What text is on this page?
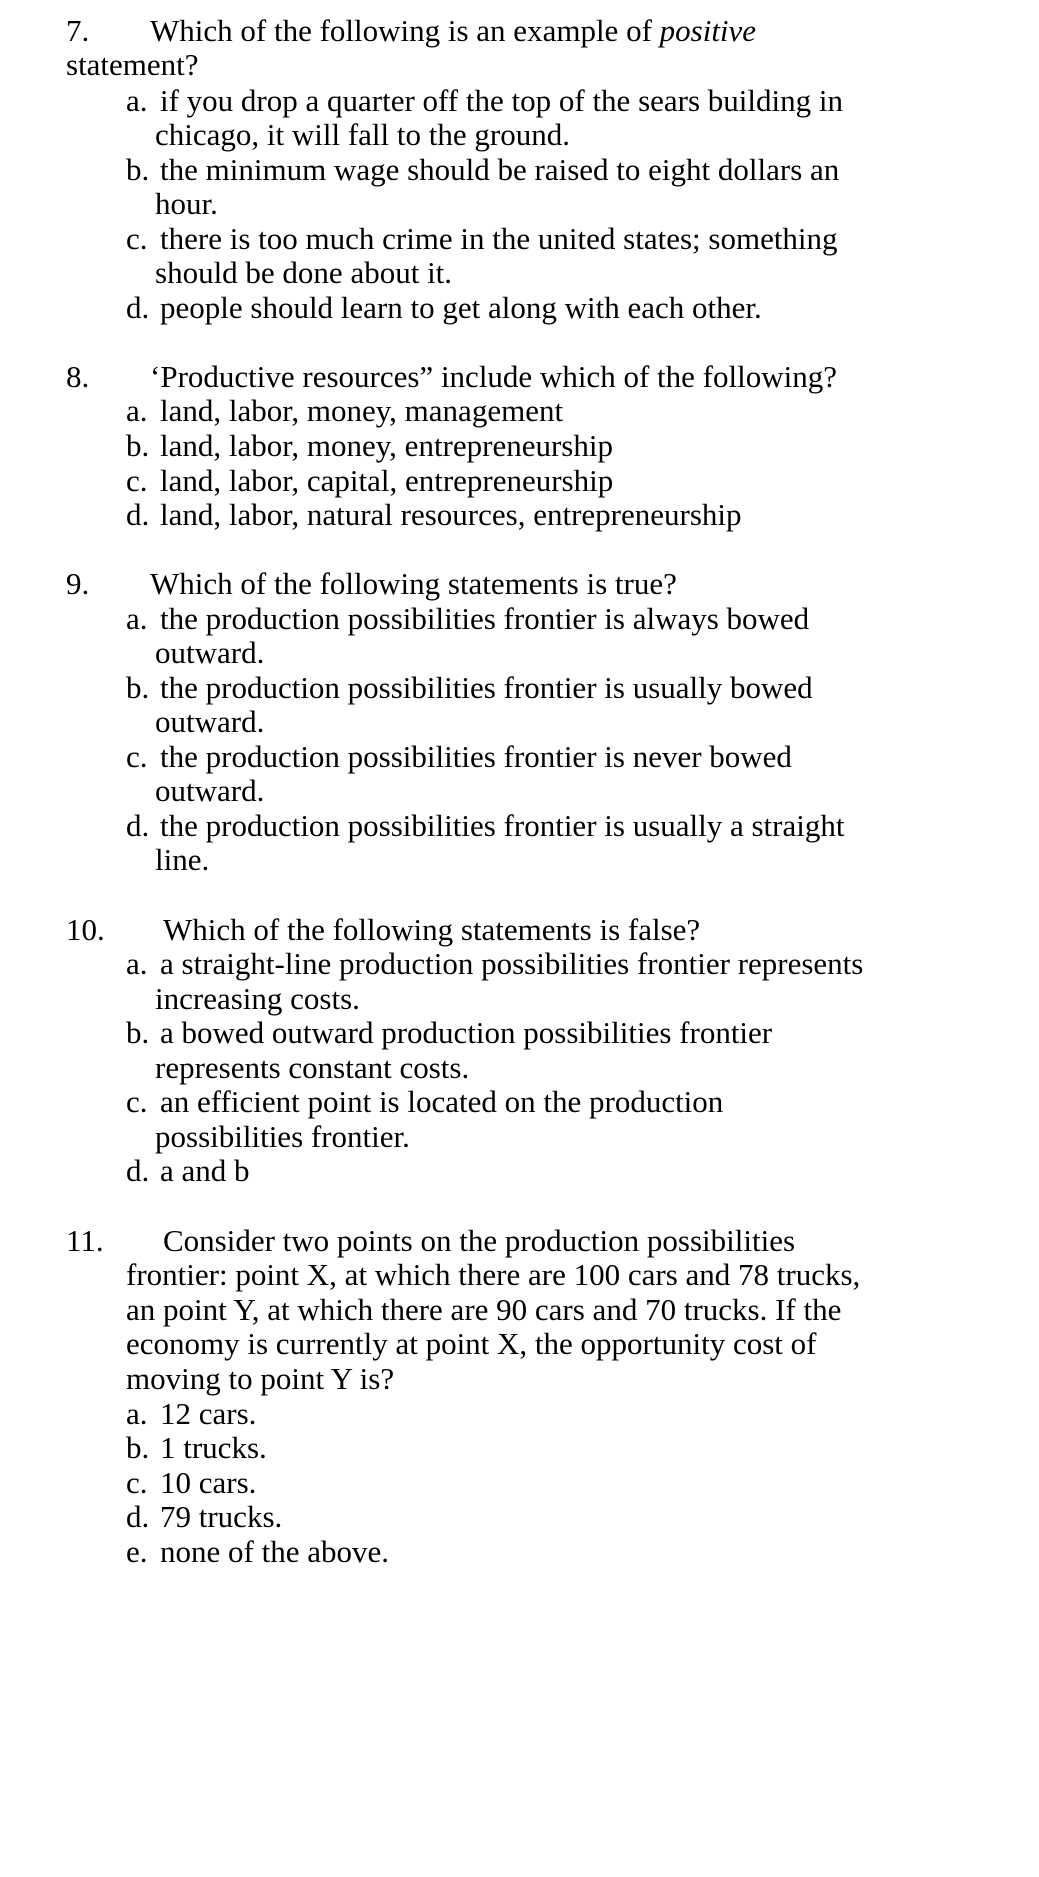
7. Which of the following is an example of positive
statement?
a. if you drop a quarter off the top of the sears building in
chicago, it will fall to the ground.
b. the minimum wage should be raised to eight dollars an
hour.
c. there is too much crime in the united states; something
should be done about it.
d. people should learn to get along with each other.
8. ‘Productive resources” include which of the following?
a. land, labor, money, management
b. land, labor, money, entrepreneurship
c. land, labor, capital, entrepreneurship
d. land, labor, natural resources, entrepreneurship
9. Which of the following statements is true?
a. the production possibilities frontier is always bowed
outward.
b. the production possibilities frontier is usually bowed
outward.
c. the production possibilities frontier is never bowed
outward.
d. the production possibilities frontier is usually a straight
line.
10. Which of the following statements is false?
a. a straight-line production possibilities frontier represents
increasing costs.
b. a bowed outward production possibilities frontier
represents constant costs.
c. an efficient point is located on the production
possibilities frontier.
d. a and b
11. Consider two points on the production possibilities
frontier: point X, at which there are 100 cars and 78 trucks,
an point Y, at which there are 90 cars and 70 trucks. If the
economy is currently at point X, the opportunity cost of
moving to point Y is?
a. 12 cars.
b. 1 trucks.
c. 10 cars.
d. 79 trucks.
e. none of the above.
